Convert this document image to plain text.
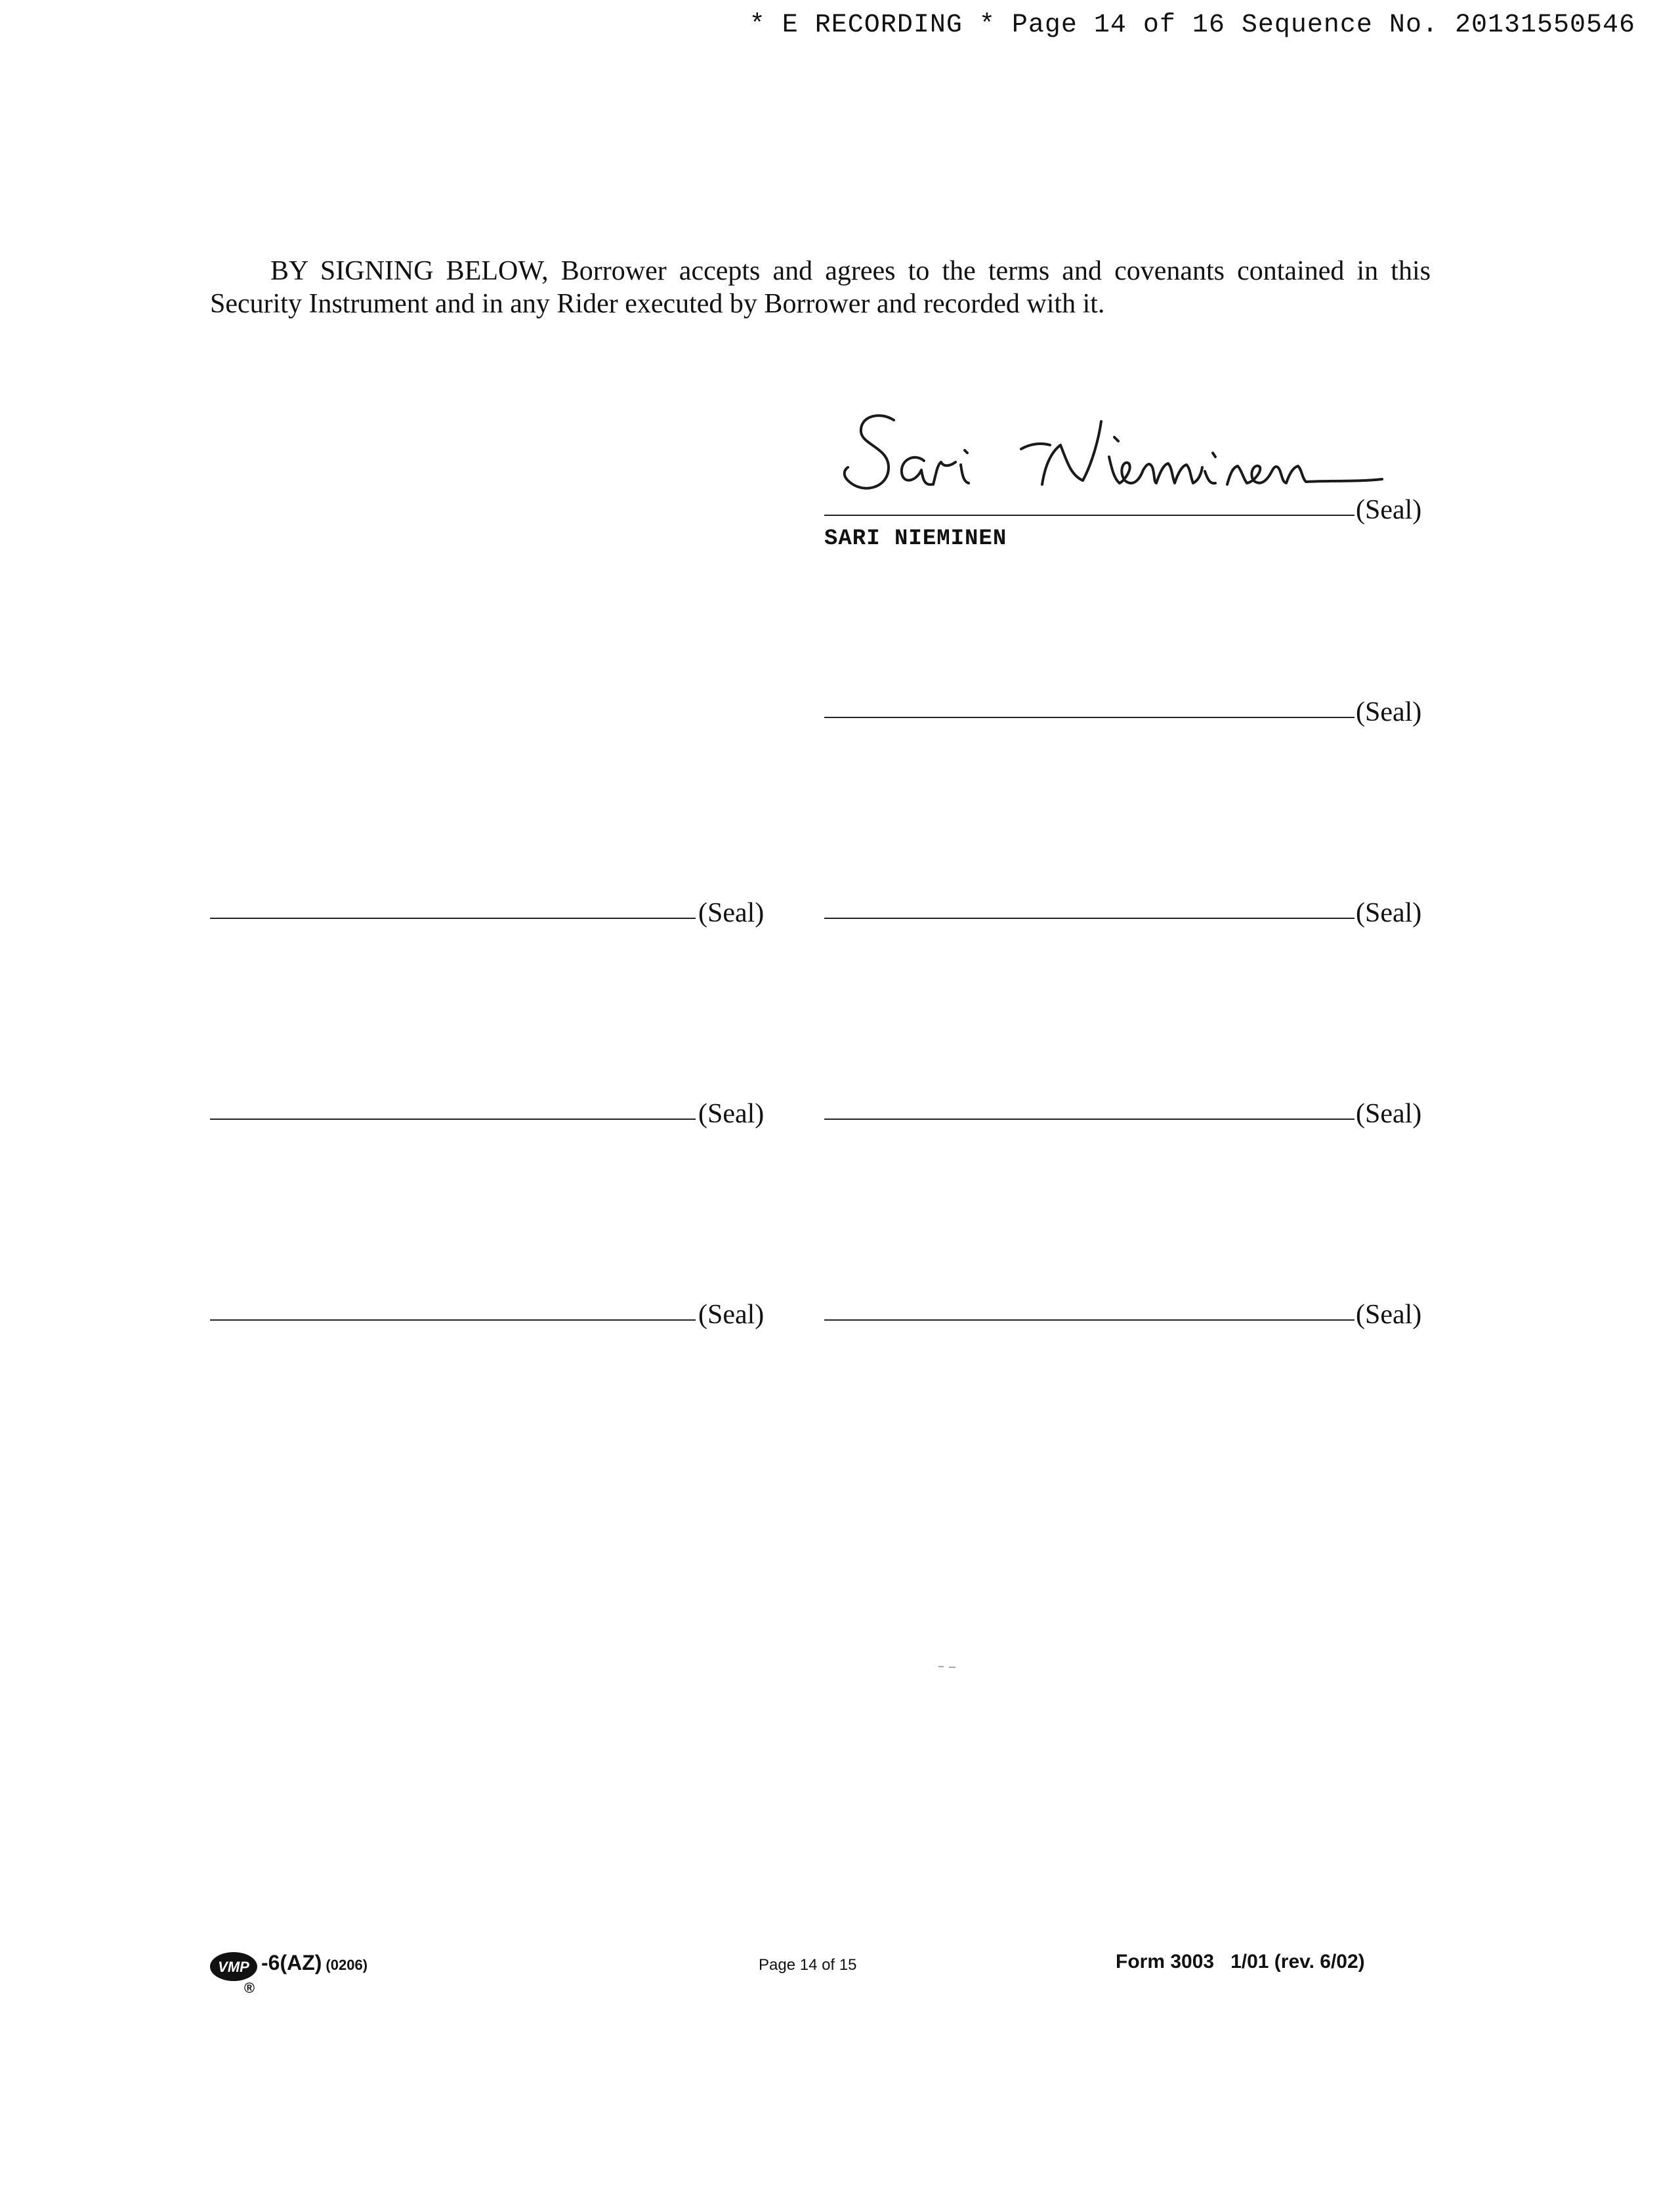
* E RECORDING * Page 14 of 16 Sequence No. 20131550546
BY SIGNING BELOW, Borrower accepts and agrees to the terms and covenants contained in this Security Instrument and in any Rider executed by Borrower and recorded with it.
(Seal)
SARI NIEMINEN
(Seal)
(Seal)	(Seal)
(Seal)	(Seal)
(Seal)	(Seal)
VMP
®
-6(AZ) (0206)	Page 14 of 15	Form 3003   1/01 (rev. 6/02)
